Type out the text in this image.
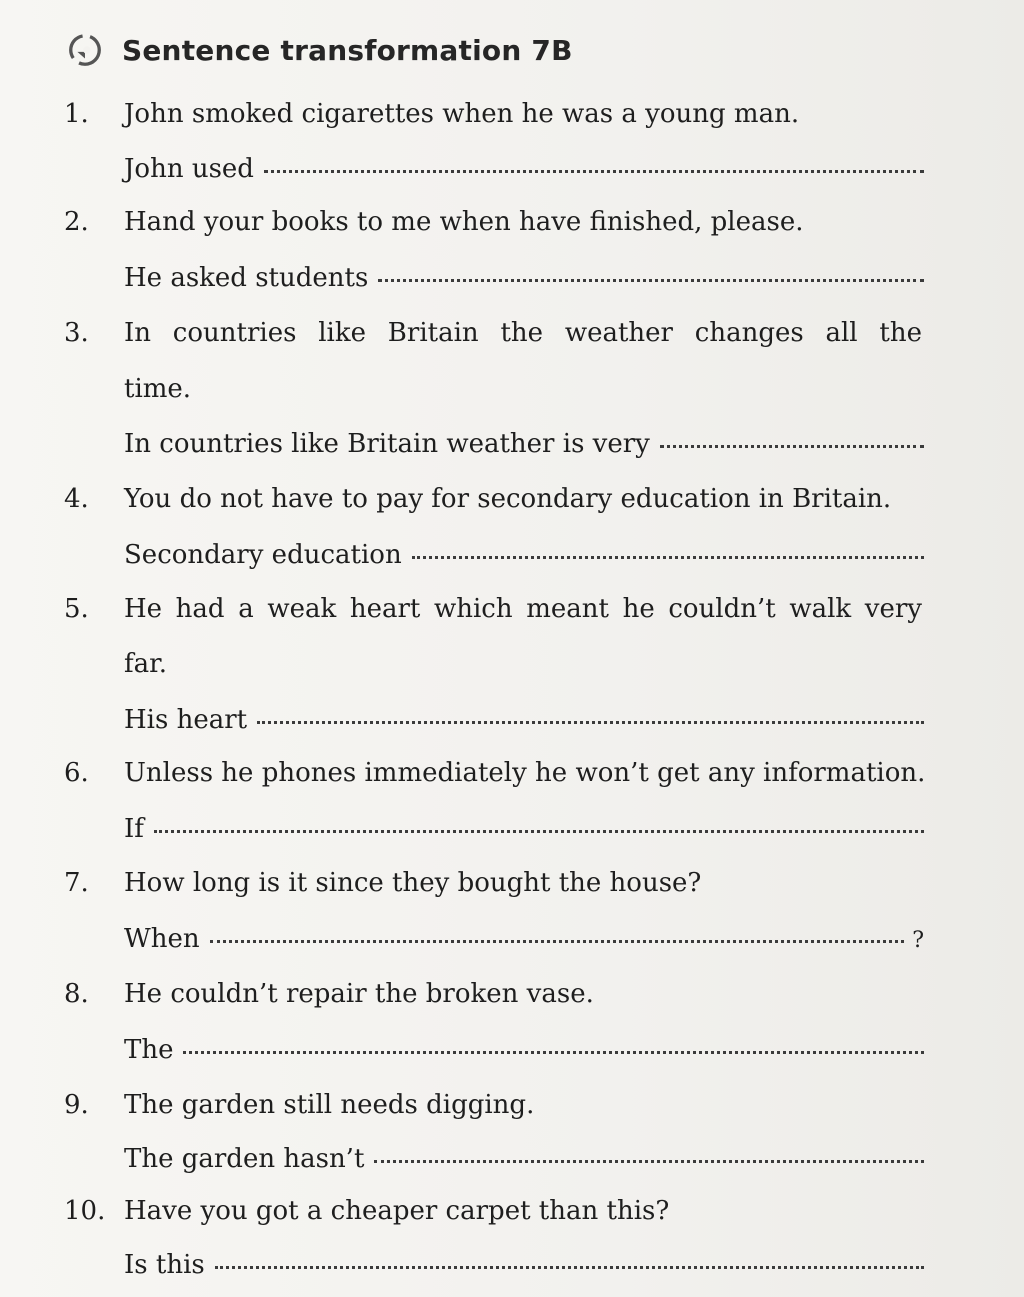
Sentence transformation 7B
1. John smoked cigarettes when he was a young man.
John used
2. Hand your books to me when have finished, please.
He asked students
3. In countries like Britain the weather changes all the
time.
In countries like Britain weather is very
4. You do not have to pay for secondary education in Britain.
Secondary education
5. He had a weak heart which meant he couldn’t walk very
far.
His heart
6. Unless he phones immediately he won’t get any information.
If
7. How long is it since they bought the house?
When	?
8. He couldn’t repair the broken vase.
The
9. The garden still needs digging.
The garden hasn’t
10. Have you got a cheaper carpet than this?
Is this
